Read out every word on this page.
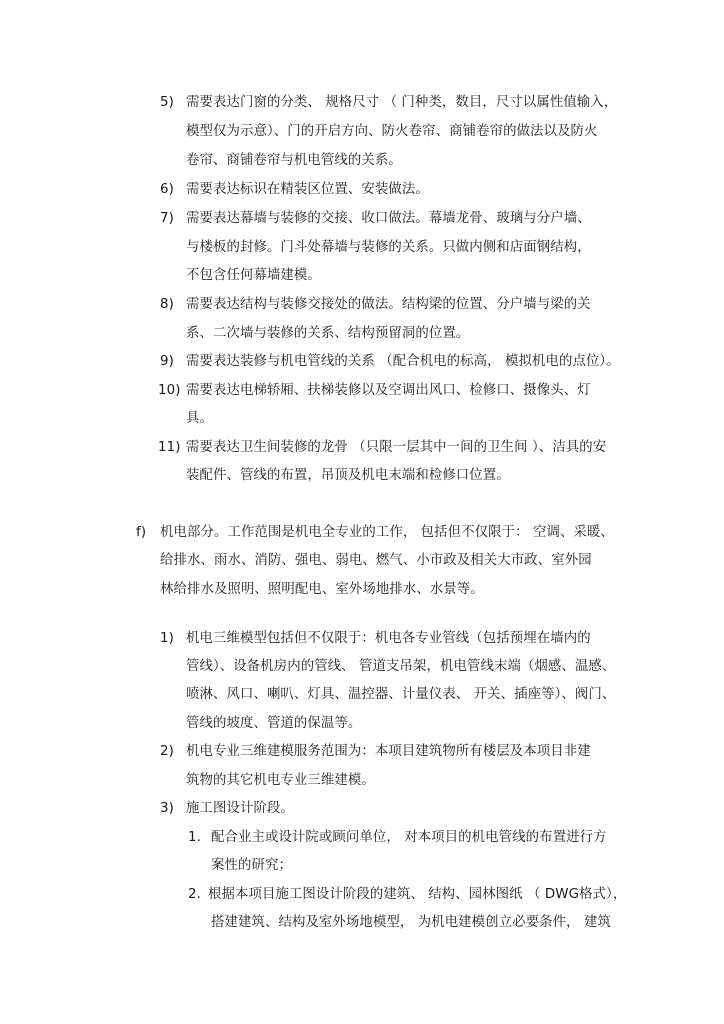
5) 需要表达门窗的分类、 规格尺寸 （ 门种类，数目，尺寸以属性值输入，
模型仅为示意）、门的开启方向、防火卷帘、商铺卷帘的做法以及防火
卷帘、商铺卷帘与机电管线的关系。
6) 需要表达标识在精装区位置、安装做法。
7) 需要表达幕墙与装修的交接、收口做法。幕墙龙骨、玻璃与分户墙、
与楼板的封修。门斗处幕墙与装修的关系。只做内侧和店面钢结构，
不包含任何幕墙建模。
8) 需要表达结构与装修交接处的做法。结构梁的位置、分户墙与梁的关
系、二次墙与装修的关系、结构预留洞的位置。
9) 需要表达装修与机电管线的关系 （配合机电的标高， 模拟机电的点位）。
10) 需要表达电梯轿厢、扶梯装修以及空调出风口、检修口、摄像头、灯
具。
11) 需要表达卫生间装修的龙骨 （只限一层其中一间的卫生间 ）、洁具的安
装配件、管线的布置，吊顶及机电末端和检修口位置。
f) 机电部分。工作范围是机电全专业的工作， 包括但不仅限于： 空调、采暖、
给排水、雨水、消防、强电、弱电、燃气、小市政及相关大市政、室外园
林给排水及照明、照明配电、室外场地排水、水景等。
1) 机电三维模型包括但不仅限于：机电各专业管线（包括预埋在墙内的
管线）、设备机房内的管线、 管道支吊架，机电管线末端（烟感、温感、
喷淋、风口、喇叭、灯具、温控器、计量仪表、 开关、插座等）、阀门、
管线的坡度、管道的保温等。
2) 机电专业三维建模服务范围为：本项目建筑物所有楼层及本项目非建
筑物的其它机电专业三维建模。
3) 施工图设计阶段。
1. 配合业主或设计院或顾问单位， 对本项目的机电管线的布置进行方
案性的研究；
2. 根据本项目施工图设计阶段的建筑、 结构、园林图纸 （ DWG格式），
搭建建筑、结构及室外场地模型， 为机电建模创立必要条件， 建筑
